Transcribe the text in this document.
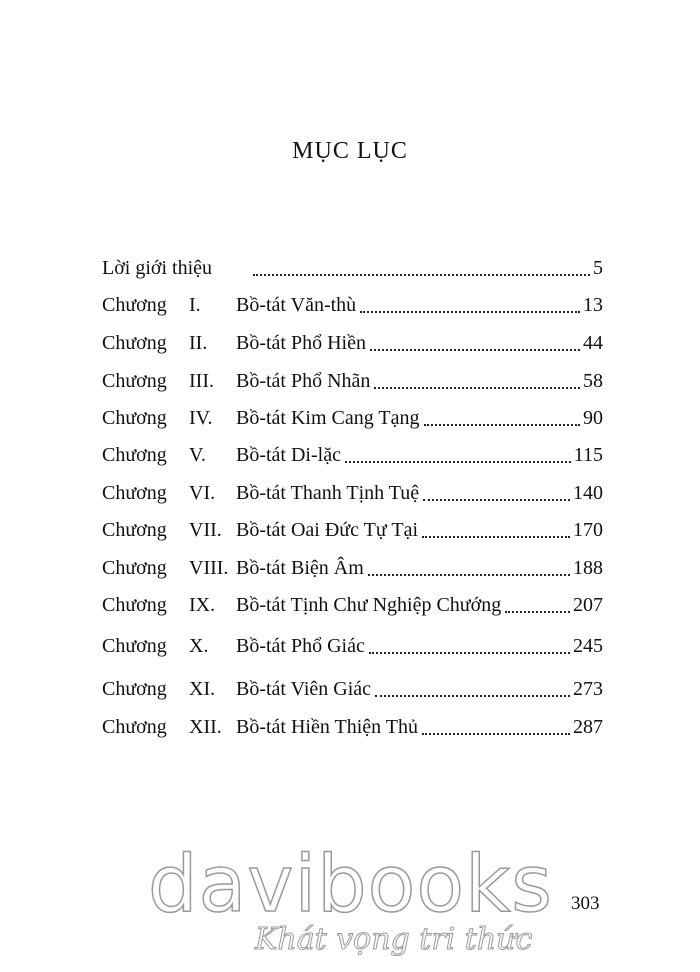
MỤC LỤC
Lời giới thiệu	5
Chương I. Bồ-tát Văn-thù	13
Chương II. Bồ-tát Phổ Hiền	44
Chương III. Bồ-tát Phổ Nhãn	58
Chương IV. Bồ-tát Kim Cang Tạng	90
Chương V. Bồ-tát Di-lặc	115
Chương VI. Bồ-tát Thanh Tịnh Tuệ	140
Chương VII. Bồ-tát Oai Đức Tự Tại	170
Chương VIII. Bồ-tát Biện Âm	188
Chương IX. Bồ-tát Tịnh Chư Nghiệp Chướng	207
Chương X. Bồ-tát Phổ Giác	245
Chương XI. Bồ-tát Viên Giác	273
Chương XII. Bồ-tát Hiền Thiện Thủ	287
davibooks
Khát vọng tri thức
303
